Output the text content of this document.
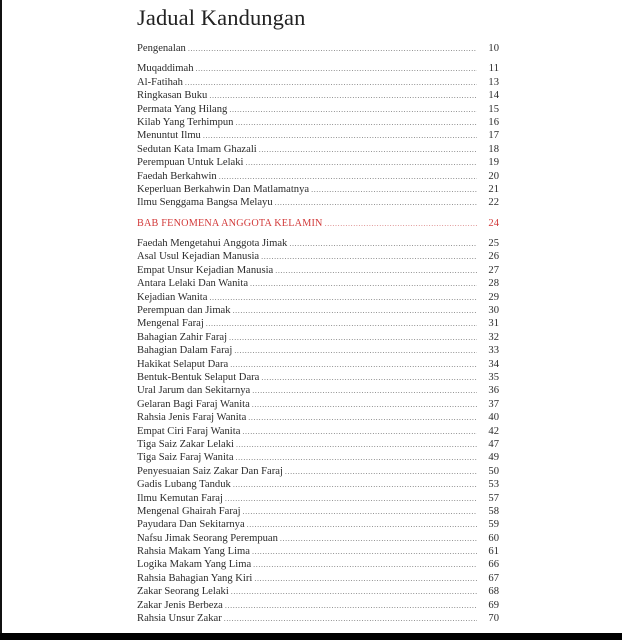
Jadual Kandungan
Pengenalan .....	10
Muqaddimah .....	11
Al-Fatihah .....	13
Ringkasan Buku .....	14
Permata Yang Hilang .....	15
Kilab Yang Terhimpun .....	16
Menuntut Ilmu .....	17
Sedutan Kata Imam Ghazali .....	18
Perempuan Untuk Lelaki .....	19
Faedah Berkahwin .....	20
Keperluan Berkahwin Dan Matlamatnya .....	21
Ilmu Senggama Bangsa Melayu .....	22
BAB FENOMENA ANGGOTA KELAMIN .....	24
Faedah Mengetahui Anggota Jimak .....	25
Asal Usul Kejadian Manusia .....	26
Empat Unsur Kejadian Manusia .....	27
Antara Lelaki Dan Wanita .....	28
Kejadian Wanita .....	29
Perempuan dan Jimak .....	30
Mengenal Faraj .....	31
Bahagian Zahir Faraj .....	32
Bahagian Dalam Faraj .....	33
Hakikat Selaput Dara .....	34
Bentuk-Bentuk Selaput Dara .....	35
Ural Jarum dan Sekitarnya .....	36
Gelaran Bagi Faraj Wanita .....	37
Rahsia Jenis Faraj Wanita .....	40
Empat Ciri Faraj Wanita .....	42
Tiga Saiz Zakar Lelaki .....	47
Tiga Saiz Faraj Wanita .....	49
Penyesuaian Saiz Zakar Dan Faraj .....	50
Gadis Lubang Tanduk .....	53
Ilmu Kemutan Faraj .....	57
Mengenal Ghairah Faraj .....	58
Payudara Dan Sekitarnya .....	59
Nafsu Jimak Seorang Perempuan .....	60
Rahsia Makam Yang Lima .....	61
Logika Makam Yang Lima .....	66
Rahsia Bahagian Yang Kiri .....	67
Zakar Seorang Lelaki .....	68
Zakar Jenis Berbeza .....	69
Rahsia Unsur Zakar .....	70
